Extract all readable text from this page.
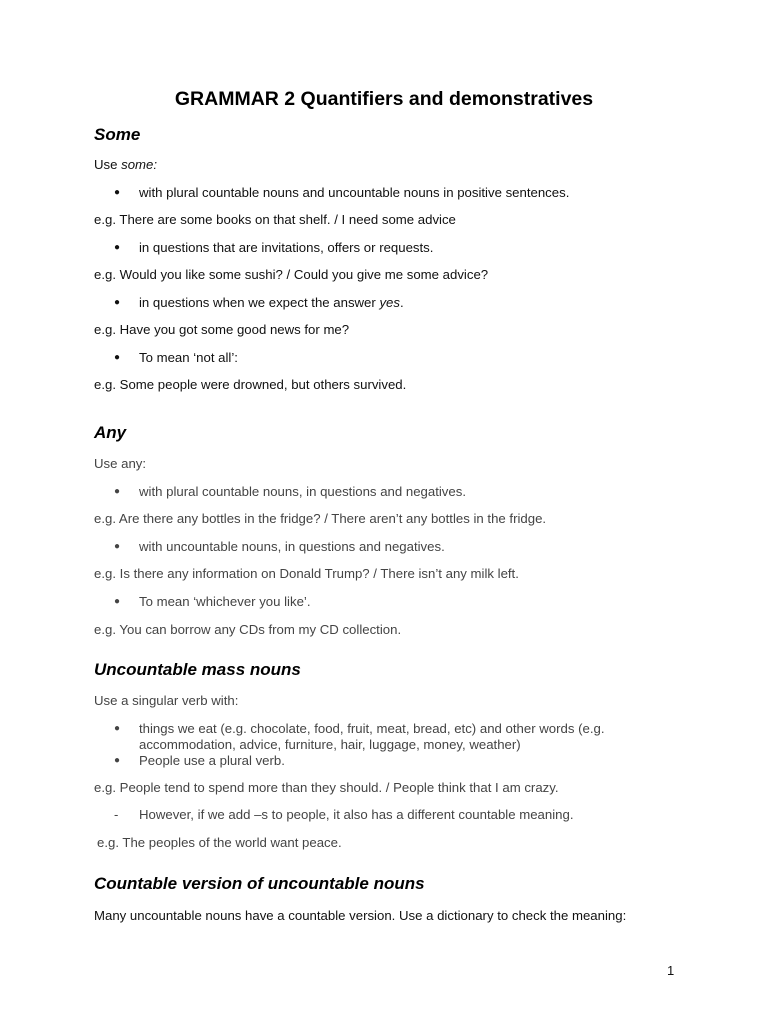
GRAMMAR 2 Quantifiers and demonstratives
Some
Use some:
●	with plural countable nouns and uncountable nouns in positive sentences.
e.g. There are some books on that shelf. / I need some advice
●	in questions that are invitations, offers or requests.
e.g. Would you like some sushi? / Could you give me some advice?
●	in questions when we expect the answer yes.
e.g. Have you got some good news for me?
●	To mean ‘not all’:
e.g. Some people were drowned, but others survived.
Any
Use any:
●	with plural countable nouns, in questions and negatives.
e.g. Are there any bottles in the fridge? / There aren’t any bottles in the fridge.
●	with uncountable nouns, in questions and negatives.
e.g. Is there any information on Donald Trump? / There isn’t any milk left.
●	To mean ‘whichever you like’.
e.g. You can borrow any CDs from my CD collection.
Uncountable mass nouns
Use a singular verb with:
●	things we eat (e.g. chocolate, food, fruit, meat, bread, etc) and other words (e.g.
accommodation, advice, furniture, hair, luggage, money, weather)
●	People use a plural verb.
e.g. People tend to spend more than they should. / People think that I am crazy.
-	However, if we add –s to people, it also has a different countable meaning.
e.g. The peoples of the world want peace.
Countable version of uncountable nouns
Many uncountable nouns have a countable version. Use a dictionary to check the meaning:
1
